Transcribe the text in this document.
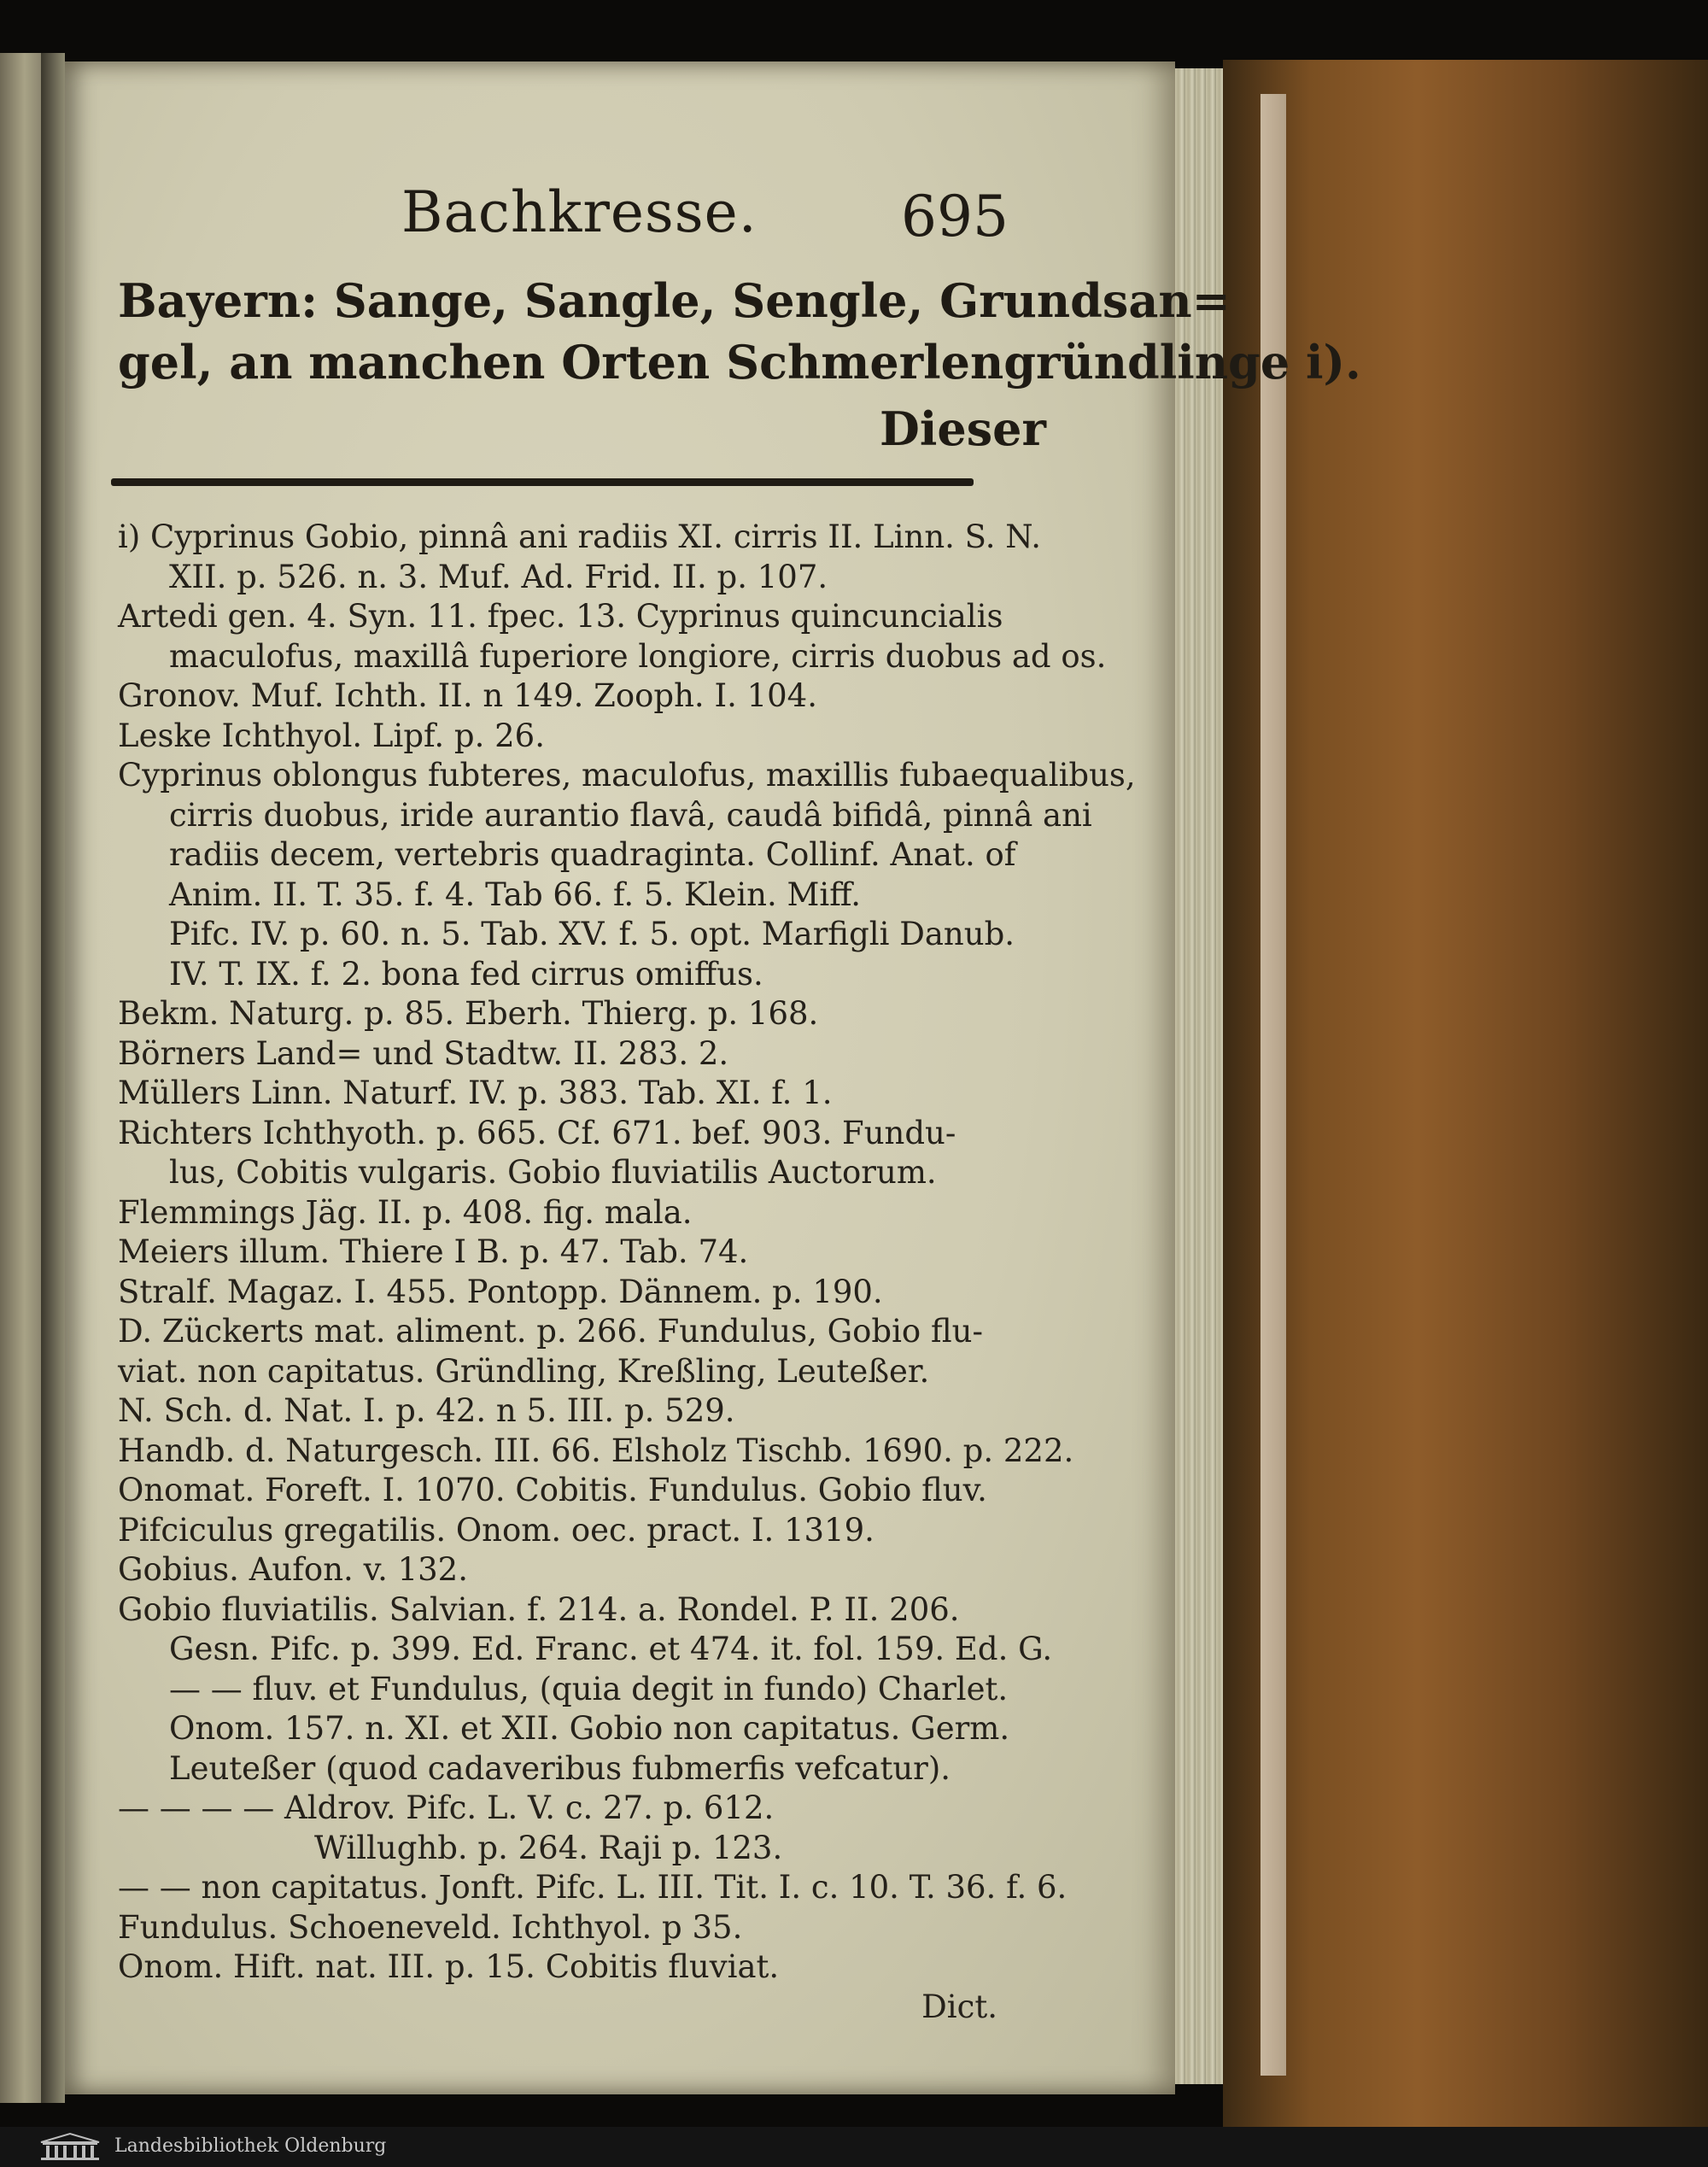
Bachkresse.	695
Bayern: Sange, Sangle, Sengle, Grundsan=
gel, an manchen Orten Schmerlengründlinge i).
Dieser
i) Cyprinus Gobio, pinnâ ani radiis XI. cirris II. Linn. S. N.
XII. p. 526. n. 3. Muf. Ad. Frid. II. p. 107.
Artedi gen. 4. Syn. 11. fpec. 13. Cyprinus quincuncialis
maculofus, maxillâ fuperiore longiore, cirris duobus ad os.
Gronov. Muf. Ichth. II. n 149. Zooph. I. 104.
Leske Ichthyol. Lipf. p. 26.
Cyprinus oblongus fubteres, maculofus, maxillis fubaequalibus,
cirris duobus, iride aurantio flavâ, caudâ bifidâ, pinnâ ani
radiis decem, vertebris quadraginta. Collinf. Anat. of
Anim. II. T. 35. f. 4. Tab 66. f. 5. Klein. Miff.
Pifc. IV. p. 60. n. 5. Tab. XV. f. 5. opt. Marfigli Danub.
IV. T. IX. f. 2. bona fed cirrus omiffus.
Bekm. Naturg. p. 85. Eberh. Thierg. p. 168.
Börners Land= und Stadtw. II. 283. 2.
Müllers Linn. Naturf. IV. p. 383. Tab. XI. f. 1.
Richters Ichthyoth. p. 665. Cf. 671. bef. 903. Fundu-
lus, Cobitis vulgaris. Gobio fluviatilis Auctorum.
Flemmings Jäg. II. p. 408. fig. mala.
Meiers illum. Thiere I B. p. 47. Tab. 74.
Stralf. Magaz. I. 455. Pontopp. Dännem. p. 190.
D. Zückerts mat. aliment. p. 266. Fundulus, Gobio flu-
viat. non capitatus. Gründling, Kreßling, Leuteßer.
N. Sch. d. Nat. I. p. 42. n 5. III. p. 529.
Handb. d. Naturgesch. III. 66. Elsholz Tischb. 1690. p. 222.
Onomat. Foreft. I. 1070. Cobitis. Fundulus. Gobio fluv.
Pifciculus gregatilis. Onom. oec. pract. I. 1319.
Gobius. Aufon. v. 132.
Gobio fluviatilis. Salvian. f. 214. a. Rondel. P. II. 206.
Gesn. Pifc. p. 399. Ed. Franc. et 474. it. fol. 159. Ed. G.
— — fluv. et Fundulus, (quia degit in fundo) Charlet.
Onom. 157. n. XI. et XII. Gobio non capitatus. Germ.
Leuteßer (quod cadaveribus fubmerfis vefcatur).
— — — — Aldrov. Pifc. L. V. c. 27. p. 612.
Willughb. p. 264. Raji p. 123.
— — non capitatus. Jonft. Pifc. L. III. Tit. I. c. 10. T. 36. f. 6.
Fundulus. Schoeneveld. Ichthyol. p 35.
Onom. Hift. nat. III. p. 15. Cobitis fluviat.
Dict.
Landesbibliothek Oldenburg
